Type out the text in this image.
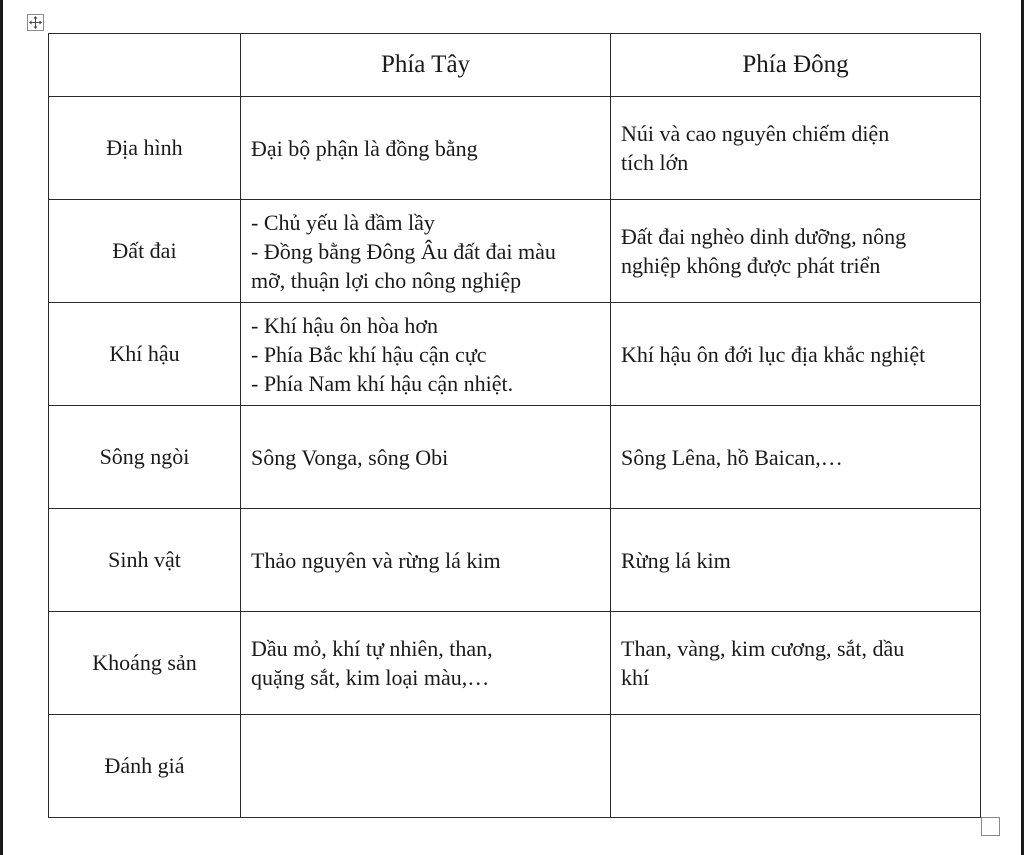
	Phía Tây	Phía Đông
Địa hình	Đại bộ phận là đồng bằng	Núi và cao nguyên chiếm diện
tích lớn

Đất đai	- Chủ yếu là đầm lầy
- Đồng bằng Đông Âu đất đai màu
mỡ, thuận lợi cho nông nghiệp	Đất đai nghèo dinh dưỡng, nông
nghiệp không được phát triển

Khí hậu	- Khí hậu ôn hòa hơn
- Phía Bắc khí hậu cận cực
- Phía Nam khí hậu cận nhiệt.	Khí hậu ôn đới lục địa khắc nghiệt

Sông ngòi	Sông Vonga, sông Obi	Sông Lêna, hồ Baican,…

Sinh vật	Thảo nguyên và rừng lá kim	Rừng lá kim

Khoáng sản	Dầu mỏ, khí tự nhiên, than,
quặng sắt, kim loại màu,…	Than, vàng, kim cương, sắt, dầu
khí

Đánh giá		
